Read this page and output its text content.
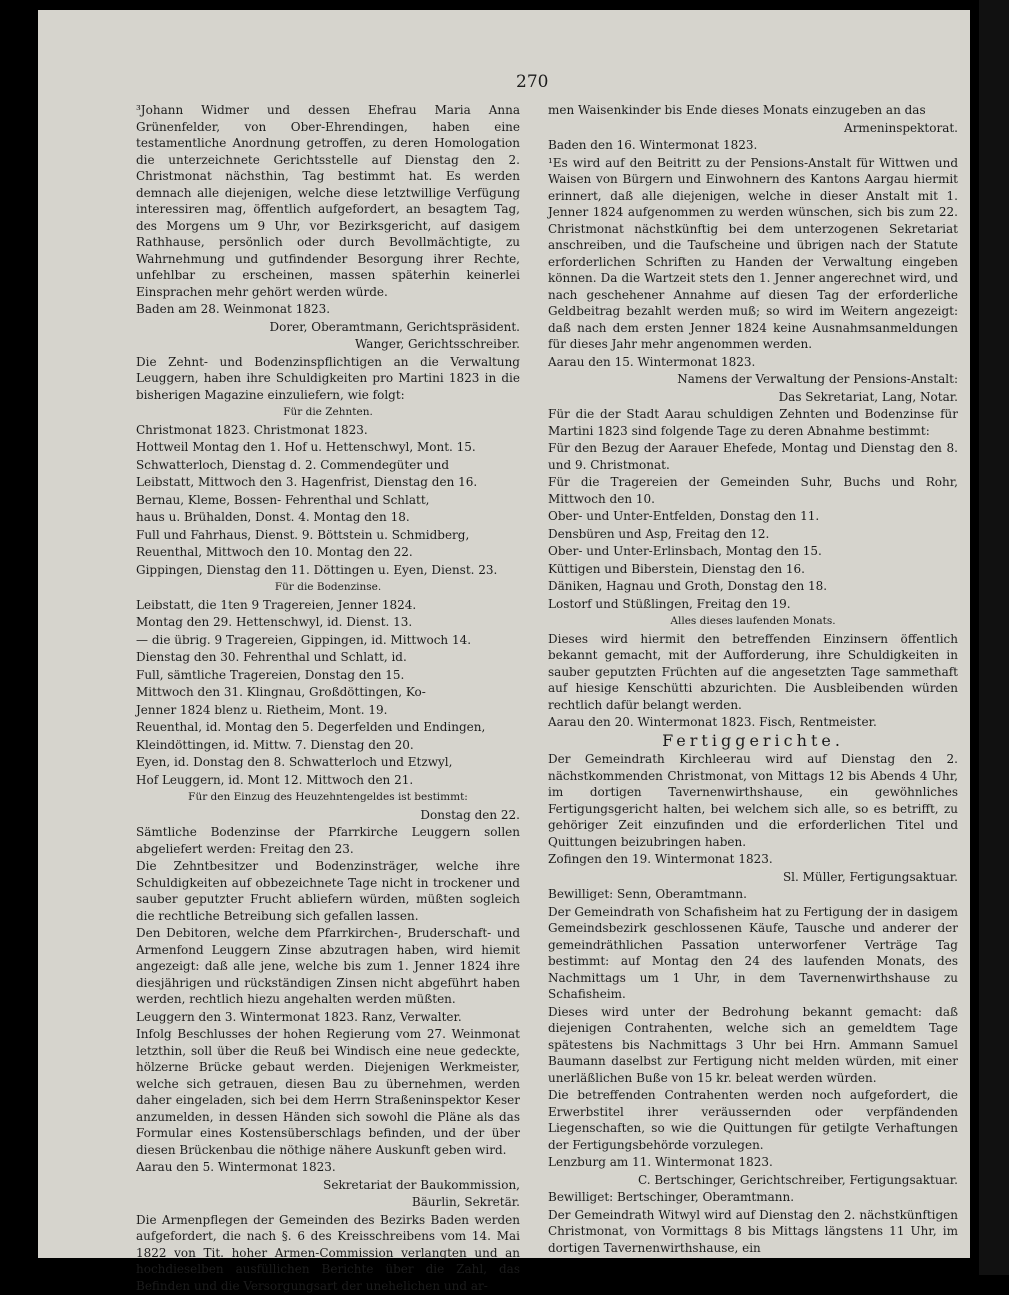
270

³Johann Widmer und dessen Ehefrau Maria Anna Grünenfelder, von Ober-Ehrendingen, haben eine testamentliche Anordnung getroffen, zu deren Homologation die unterzeichnete Gerichtsstelle auf Dienstag den 2. Christmonat nächsthin, Tag bestimmt hat. Es werden demnach alle diejenigen, welche diese letztwillige Verfügung interessiren mag, öffentlich aufgefordert, an besagtem Tag, des Morgens um 9 Uhr, vor Bezirksgericht, auf dasigem Rathhause, persönlich oder durch Bevollmächtigte, zu Wahrnehmung und gutfindender Besorgung ihrer Rechte, unfehlbar zu erscheinen, massen späterhin keinerlei Einsprachen mehr gehört werden würde.

Baden am 28. Weinmonat 1823.

Dorer, Oberamtmann, Gerichtspräsident.

Wanger, Gerichtsschreiber.

Die Zehnt- und Bodenzinspflichtigen an die Verwaltung Leuggern, haben ihre Schuldigkeiten pro Martini 1823 in die bisherigen Magazine einzuliefern, wie folgt:

Für die Zehnten.

Christmonat 1823. Christmonat 1823.

Hottweil Montag den 1. Hof u. Hettenschwyl, Mont. 15.

Schwatterloch, Dienstag d. 2. Commendegüter und

Leibstatt, Mittwoch den 3. Hagenfrist, Dienstag den 16.

Bernau, Kleme, Bossen- Fehrenthal und Schlatt,

haus u. Brühalden, Donst. 4. Montag den 18.

Full und Fahrhaus, Dienst. 9. Böttstein u. Schmidberg,

Reuenthal, Mittwoch den 10. Montag den 22.

Gippingen, Dienstag den 11. Döttingen u. Eyen, Dienst. 23.

Für die Bodenzinse.

Leibstatt, die 1ten 9 Tragereien, Jenner 1824.

Montag den 29. Hettenschwyl, id. Dienst. 13.

— die übrig. 9 Tragereien, Gippingen, id. Mittwoch 14.

Dienstag den 30. Fehrenthal und Schlatt, id.

Full, sämtliche Tragereien, Donstag den 15.

Mittwoch den 31. Klingnau, Großdöttingen, Ko-

Jenner 1824 blenz u. Rietheim, Mont. 19.

Reuenthal, id. Montag den 5. Degerfelden und Endingen,

Kleindöttingen, id. Mittw. 7. Dienstag den 20.

Eyen, id. Donstag den 8. Schwatterloch und Etzwyl,

Hof Leuggern, id. Mont 12. Mittwoch den 21.

Für den Einzug des Heuzehntengeldes ist bestimmt:

Donstag den 22.

Sämtliche Bodenzinse der Pfarrkirche Leuggern sollen abgeliefert werden: Freitag den 23.

Die Zehntbesitzer und Bodenzinsträger, welche ihre Schuldigkeiten auf obbezeichnete Tage nicht in trockener und sauber geputzter Frucht abliefern würden, müßten sogleich die rechtliche Betreibung sich gefallen lassen.

Den Debitoren, welche dem Pfarrkirchen-, Bruderschaft- und Armenfond Leuggern Zinse abzutragen haben, wird hiemit angezeigt: daß alle jene, welche bis zum 1. Jenner 1824 ihre diesjährigen und rückständigen Zinsen nicht abgeführt haben werden, rechtlich hiezu angehalten werden müßten.

Leuggern den 3. Wintermonat 1823. Ranz, Verwalter.

Infolg Beschlusses der hohen Regierung vom 27. Weinmonat letzthin, soll über die Reuß bei Windisch eine neue gedeckte, hölzerne Brücke gebaut werden. Diejenigen Werkmeister, welche sich getrauen, diesen Bau zu übernehmen, werden daher eingeladen, sich bei dem Herrn Straßeninspektor Keser anzumelden, in dessen Händen sich sowohl die Pläne als das Formular eines Kostensüberschlags befinden, und der über diesen Brückenbau die nöthige nähere Auskunft geben wird.

Aarau den 5. Wintermonat 1823.

Sekretariat der Baukommission,

Bäurlin, Sekretär.

Die Armenpflegen der Gemeinden des Bezirks Baden werden aufgefordert, die nach §. 6 des Kreisschreibens vom 14. Mai 1822 von Tit. hoher Armen-Commission verlangten und an hochdieselben ausfüllichen Berichte über die Zahl, das Befinden und die Versorgungsart der unehelichen und ar-

men Waisenkinder bis Ende dieses Monats einzugeben an das

Armeninspektorat.

Baden den 16. Wintermonat 1823.

¹Es wird auf den Beitritt zu der Pensions-Anstalt für Wittwen und Waisen von Bürgern und Einwohnern des Kantons Aargau hiermit erinnert, daß alle diejenigen, welche in dieser Anstalt mit 1. Jenner 1824 aufgenommen zu werden wünschen, sich bis zum 22. Christmonat nächstkünftig bei dem unterzogenen Sekretariat anschreiben, und die Taufscheine und übrigen nach der Statute erforderlichen Schriften zu Handen der Verwaltung eingeben können. Da die Wartzeit stets den 1. Jenner angerechnet wird, und nach geschehener Annahme auf diesen Tag der erforderliche Geldbeitrag bezahlt werden muß; so wird im Weitern angezeigt: daß nach dem ersten Jenner 1824 keine Ausnahmsanmeldungen für dieses Jahr mehr angenommen werden.

Aarau den 15. Wintermonat 1823.

Namens der Verwaltung der Pensions-Anstalt:

Das Sekretariat, Lang, Notar.

Für die der Stadt Aarau schuldigen Zehnten und Bodenzinse für Martini 1823 sind folgende Tage zu deren Abnahme bestimmt:

Für den Bezug der Aarauer Ehefede, Montag und Dienstag den 8. und 9. Christmonat.

Für die Tragereien der Gemeinden Suhr, Buchs und Rohr, Mittwoch den 10.

Ober- und Unter-Entfelden, Donstag den 11.

Densbüren und Asp, Freitag den 12.

Ober- und Unter-Erlinsbach, Montag den 15.

Küttigen und Biberstein, Dienstag den 16.

Däniken, Hagnau und Groth, Donstag den 18.

Lostorf und Stüßlingen, Freitag den 19.

Alles dieses laufenden Monats.

Dieses wird hiermit den betreffenden Einzinsern öffentlich bekannt gemacht, mit der Aufforderung, ihre Schuldigkeiten in sauber geputzten Früchten auf die angesetzten Tage sammethaft auf hiesige Kenschütti abzurichten. Die Ausbleibenden würden rechtlich dafür belangt werden.

Aarau den 20. Wintermonat 1823. Fisch, Rentmeister.

Fertiggerichte.

Der Gemeindrath Kirchleerau wird auf Dienstag den 2. nächstkommenden Christmonat, von Mittags 12 bis Abends 4 Uhr, im dortigen Tavernenwirthshause, ein gewöhnliches Fertigungsgericht halten, bei welchem sich alle, so es betrifft, zu gehöriger Zeit einzufinden und die erforderlichen Titel und Quittungen beizubringen haben.

Zofingen den 19. Wintermonat 1823.

Sl. Müller, Fertigungsaktuar.

Bewilliget: Senn, Oberamtmann.

Der Gemeindrath von Schafisheim hat zu Fertigung der in dasigem Gemeindsbezirk geschlossenen Käufe, Tausche und anderer der gemeindräthlichen Passation unterworfener Verträge Tag bestimmt: auf Montag den 24 des laufenden Monats, des Nachmittags um 1 Uhr, in dem Tavernenwirthshause zu Schafisheim.

Dieses wird unter der Bedrohung bekannt gemacht: daß diejenigen Contrahenten, welche sich an gemeldtem Tage spätestens bis Nachmittags 3 Uhr bei Hrn. Ammann Samuel Baumann daselbst zur Fertigung nicht melden würden, mit einer unerläßlichen Buße von 15 kr. beleat werden würden.

Die betreffenden Contrahenten werden noch aufgefordert, die Erwerbstitel ihrer veräussernden oder verpfändenden Liegenschaften, so wie die Quittungen für getilgte Verhaftungen der Fertigungsbehörde vorzulegen.

Lenzburg am 11. Wintermonat 1823.

C. Bertschinger, Gerichtschreiber, Fertigungsaktuar.

Bewilliget: Bertschinger, Oberamtmann.

Der Gemeindrath Witwyl wird auf Dienstag den 2. nächstkünftigen Christmonat, von Vormittags 8 bis Mittags längstens 11 Uhr, im dortigen Tavernenwirthshause, ein
